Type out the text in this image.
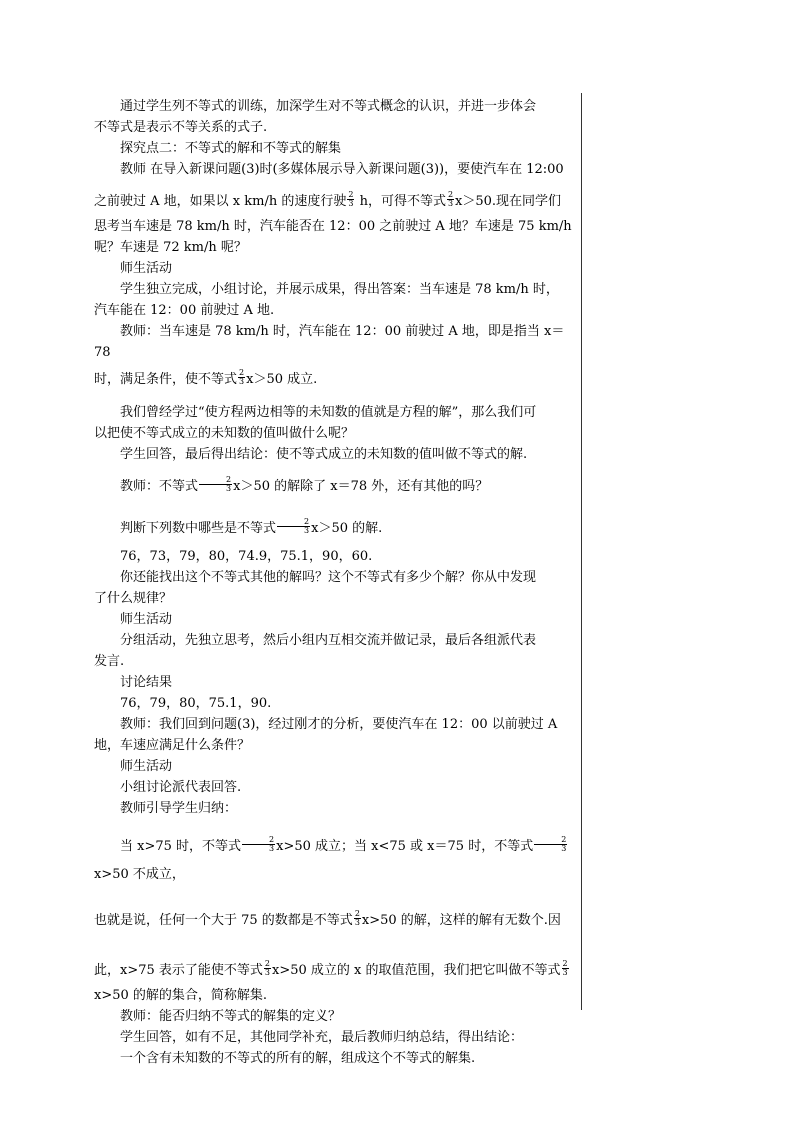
通过学生列不等式的训练，加深学生对不等式概念的认识，并进一步体会

不等式是表示不等关系的式子.

探究点二：不等式的解和不等式的解集

教师 在导入新课问题(3)时(多媒体展示导入新课问题(3))，要使汽车在 12:00

之前驶过 A 地，如果以 x km/h 的速度行驶 $\frac{2}{3}$ h，可得不等式 $\frac{2}{3} x>50$.现在同学们

思考当车速是 78 km/h 时，汽车能否在 12：00 之前驶过 A 地？车速是 75 km/h

呢？车速是 72 km/h 呢？

师生活动

学生独立完成，小组讨论，并展示成果，得出答案：当车速是 78 km/h 时，

汽车能在 12：00 前驶过 A 地.

教师：当车速是 78 km/h 时，汽车能在 12：00 前驶过 A 地，即是指当 x＝78

时，满足条件，使不等式 $\frac{2}{3} x>50$ 成立.

我们曾经学过“使方程两边相等的未知数的值就是方程的解”，那么我们可

以把使不等式成立的未知数的值叫做什么呢？

学生回答，最后得出结论：使不等式成立的未知数的值叫做不等式的解.

教师：不等式 $\frac{2}{3} x>50$ 的解除了 x＝78 外，还有其他的吗？

判断下列数中哪些是不等式 $\frac{2}{3} x>50$ 的解.

76，73，79，80，74.9，75.1，90，60.

你还能找出这个不等式其他的解吗？这个不等式有多少个解？你从中发现

了什么规律？

师生活动

分组活动，先独立思考，然后小组内互相交流并做记录，最后各组派代表

发言.

讨论结果

76，79，80，75.1，90.

教师：我们回到问题(3)，经过刚才的分析，要使汽车在 12：00 以前驶过 A

地，车速应满足什么条件？

师生活动

小组讨论派代表回答.

教师引导学生归纳：

当 x>75 时，不等式 $\frac{2}{3} x>50$ 成立；当 x<75 或 x＝75 时，不等式 $\frac{2}{3}$
x>50 不成立，

也就是说，任何一个大于 75 的数都是不等式 $\frac{2}{3} x>50$ 的解，这样的解有无数个.因

此，x>75 表示了能使不等式 $\frac{2}{3} x>50$ 成立的 x 的取值范围，我们把它叫做不等式 $\frac{2}{3}$

x>50 的解的集合，简称解集.

教师：能否归纳不等式的解集的定义？

学生回答，如有不足，其他同学补充，最后教师归纳总结，得出结论：

一个含有未知数的不等式的所有的解，组成这个不等式的解集.
